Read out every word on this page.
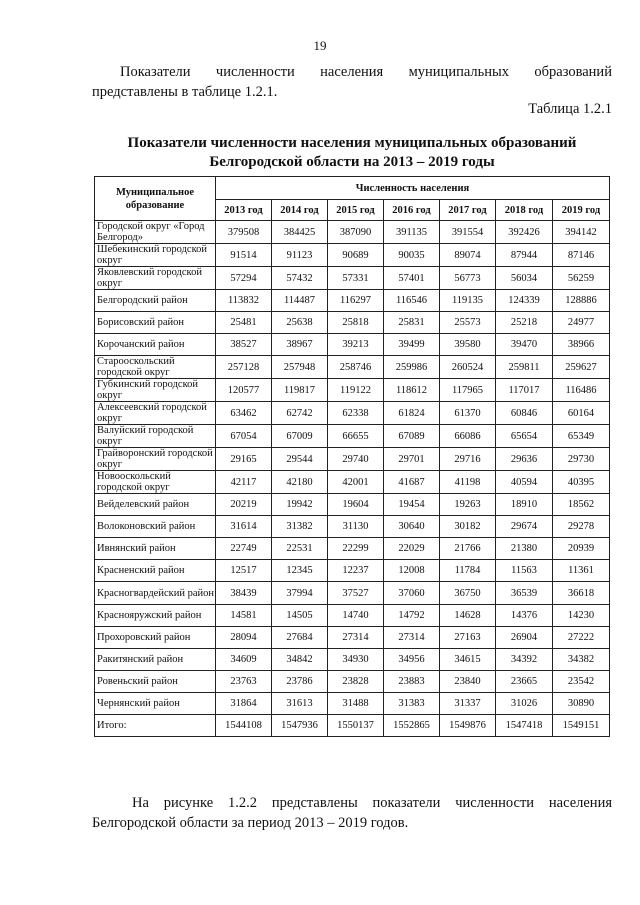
19

Показатели численности населения муниципальных образований
представлены в таблице 1.2.1.

Таблица 1.2.1
Показатели численности населения муниципальных образований
Белгородской области на 2013 – 2019 годы
Муниципальное образование	Численность населения						
	2013 год	2014 год	2015 год	2016 год	2017 год	2018 год	2019 год
Городской округ «Город Белгород»	379508	384425	387090	391135	391554	392426	394142
Шебекинский городской округ	91514	91123	90689	90035	89074	87944	87146
Яковлевский городской округ	57294	57432	57331	57401	56773	56034	56259
Белгородский район	113832	114487	116297	116546	119135	124339	128886
Борисовский район	25481	25638	25818	25831	25573	25218	24977
Корочанский район	38527	38967	39213	39499	39580	39470	38966
Старооскольский городской округ	257128	257948	258746	259986	260524	259811	259627
Губкинский городской округ	120577	119817	119122	118612	117965	117017	116486
Алексеевский городской округ	63462	62742	62338	61824	61370	60846	60164
Валуйский городской округ	67054	67009	66655	67089	66086	65654	65349
Грайворонский городской округ	29165	29544	29740	29701	29716	29636	29730
Новооскольский городской округ	42117	42180	42001	41687	41198	40594	40395
Вейделевский район	20219	19942	19604	19454	19263	18910	18562
Волоконовский район	31614	31382	31130	30640	30182	29674	29278
Ивнянский район	22749	22531	22299	22029	21766	21380	20939
Красненский район	12517	12345	12237	12008	11784	11563	11361
Красногвардейский район	38439	37994	37527	37060	36750	36539	36618
Краснояружский район	14581	14505	14740	14792	14628	14376	14230
Прохоровский район	28094	27684	27314	27314	27163	26904	27222
Ракитянский район	34609	34842	34930	34956	34615	34392	34382
Ровеньский район	23763	23786	23828	23883	23840	23665	23542
Чернянский район	31864	31613	31488	31383	31337	31026	30890
Итого:	1544108	1547936	1550137	1552865	1549876	1547418	1549151

На рисунке 1.2.2 представлены показатели численности населения
Белгородской области за период 2013 – 2019 годов.
